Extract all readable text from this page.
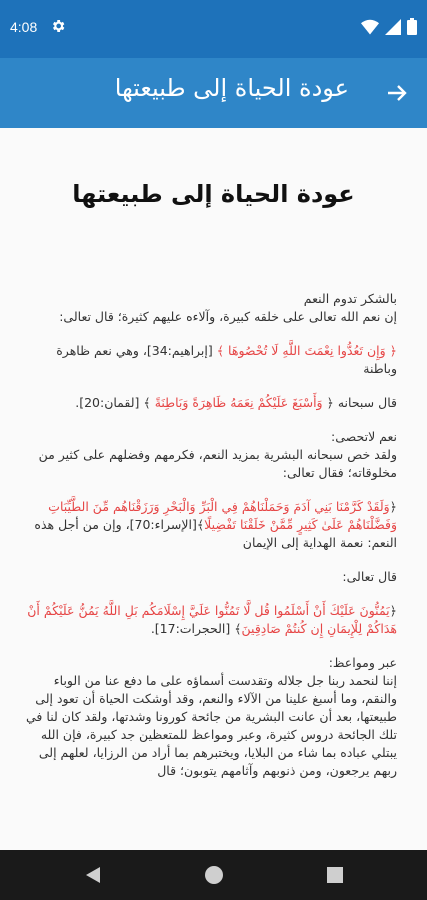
4:08
عودة الحياة إلى طبيعتها
عودة الحياة إلى طبيعتها

بالشكر تدوم النعم
إن نعم الله تعالى على خلقه كبيرة، وآلاءه عليهم كثيرة؛ قال تعالى:

﴿ وَإِن تَعُدُّوا نِعْمَتَ اللَّهِ لَا تُحْصُوهَا ﴾ [إبراهيم:34]، وهي نعم ظاهرة وباطنة

قال سبحانه ﴿ وَأَسْبَغَ عَلَيْكُمْ نِعَمَهُ ظَاهِرَةً وَبَاطِنَةً ﴾ [لقمان:20].

نعم لاتحصى:
ولقد خص سبحانه البشرية بمزيد النعم، فكرمهم وفضلهم على كثير من مخلوقاته؛ فقال تعالى:

﴿وَلَقَدْ كَرَّمْنَا بَنِي آدَمَ وَحَمَلْنَاهُمْ فِي الْبَرِّ وَالْبَحْرِ وَرَزَقْنَاهُم مِّنَ الطَّيِّبَاتِ وَفَضَّلْنَاهُمْ عَلَىٰ كَثِيرٍ مِّمَّنْ خَلَقْنَا تَفْضِيلًا﴾[الإسراء:70]، وإن من أجل هذه النعم: نعمة الهداية إلى الإيمان

قال تعالى:

﴿يَمُنُّونَ عَلَيْكَ أَنْ أَسْلَمُوا قُل لَّا تَمُنُّوا عَلَيَّ إِسْلَامَكُم بَلِ اللَّهُ يَمُنُّ عَلَيْكُمْ أَنْ هَدَاكُمْ لِلْإِيمَانِ إِن كُنتُمْ صَادِقِينَ﴾ [الحجرات:17].

عبر ومواعظ:
إننا لنحمد ربنا جل جلاله وتقدست أسماؤه على ما دفع عنا من الوباء والنقم، وما أسبغ علينا من الآلاء والنعم، وقد أوشكت الحياة أن تعود إلى طبيعتها، بعد أن عانت البشرية من جائحة كورونا وشدتها، ولقد كان لنا في تلك الجائحة دروس كثيرة، وعبر ومواعظ للمتعظين جد كبيرة، فإن الله يبتلي عباده بما شاء من البلايا، ويختبرهم بما أراد من الرزايا، لعلهم إلى ربهم يرجعون، ومن ذنوبهم وآثامهم يتوبون؛ قال
